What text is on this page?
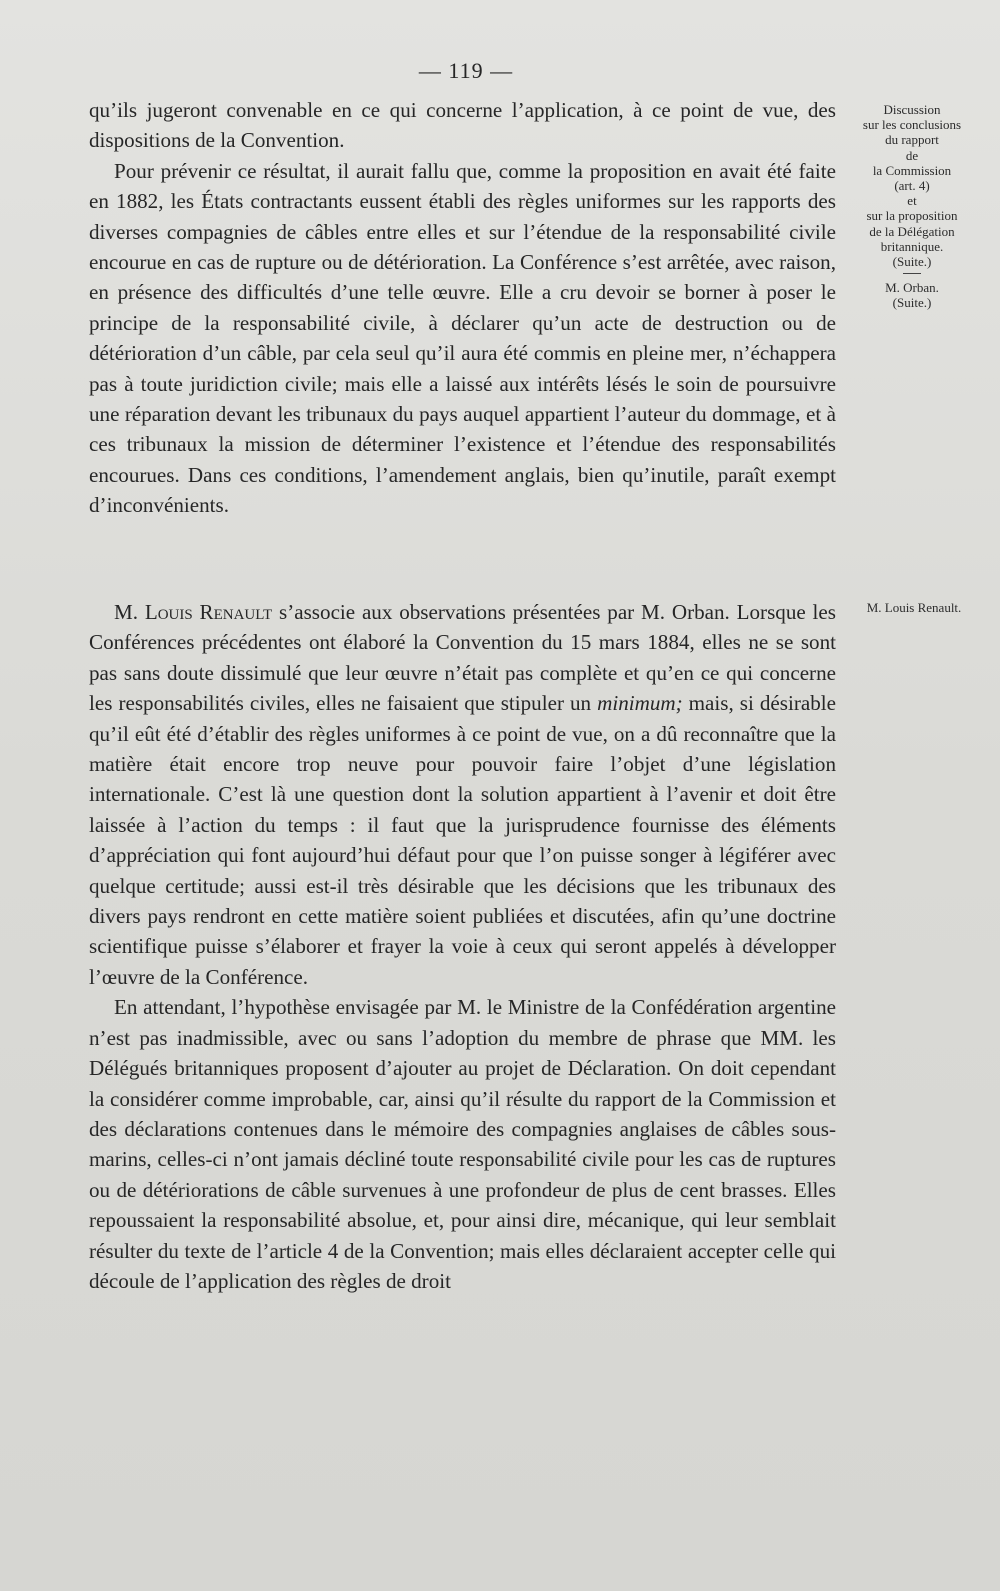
— 119 —

qu’ils jugeront convenable en ce qui concerne l’application, à ce point de vue, des dispositions de la Convention.

Pour prévenir ce résultat, il aurait fallu que, comme la proposition en avait été faite en 1882, les États contractants eussent établi des règles uniformes sur les rapports des diverses compagnies de câbles entre elles et sur l’étendue de la responsabilité civile encourue en cas de rupture ou de détérioration. La Conférence s’est arrêtée, avec raison, en présence des difficultés d’une telle œuvre. Elle a cru devoir se borner à poser le principe de la responsabilité civile, à déclarer qu’un acte de destruction ou de détérioration d’un câble, par cela seul qu’il aura été commis en pleine mer, n’échappera pas à toute juridiction civile; mais elle a laissé aux intérêts lésés le soin de poursuivre une réparation devant les tribunaux du pays auquel appartient l’auteur du dommage, et à ces tribunaux la mission de déterminer l’existence et l’étendue des responsabilités encourues. Dans ces conditions, l’amendement anglais, bien qu’inutile, paraît exempt d’inconvénients.

M. Louis Renault s’associe aux observations présentées par M. Orban. Lorsque les Conférences précédentes ont élaboré la Convention du 15 mars 1884, elles ne se sont pas sans doute dissimulé que leur œuvre n’était pas complète et qu’en ce qui concerne les responsabilités civiles, elles ne faisaient que stipuler un minimum; mais, si désirable qu’il eût été d’établir des règles uniformes à ce point de vue, on a dû reconnaître que la matière était encore trop neuve pour pouvoir faire l’objet d’une législation internationale. C’est là une question dont la solution appartient à l’avenir et doit être laissée à l’action du temps : il faut que la jurisprudence fournisse des éléments d’appréciation qui font aujourd’hui défaut pour que l’on puisse songer à légiférer avec quelque certitude; aussi est-il très désirable que les décisions que les tribunaux des divers pays rendront en cette matière soient publiées et discutées, afin qu’une doctrine scientifique puisse s’élaborer et frayer la voie à ceux qui seront appelés à développer l’œuvre de la Conférence.

En attendant, l’hypothèse envisagée par M. le Ministre de la Confédération argentine n’est pas inadmissible, avec ou sans l’adoption du membre de phrase que MM. les Délégués britanniques proposent d’ajouter au projet de Déclaration. On doit cependant la considérer comme improbable, car, ainsi qu’il résulte du rapport de la Commission et des déclarations contenues dans le mémoire des compagnies anglaises de câbles sous-marins, celles-ci n’ont jamais décliné toute responsabilité civile pour les cas de ruptures ou de détériorations de câble survenues à une profondeur de plus de cent brasses. Elles repoussaient la responsabilité absolue, et, pour ainsi dire, mécanique, qui leur semblait résulter du texte de l’article 4 de la Convention; mais elles déclaraient accepter celle qui découle de l’application des règles de droit

Discussion
sur les conclusions
du rapport
de
la Commission
(art. 4)
et
sur la proposition
de la Délégation
britannique.
(Suite.)
M. Orban.
(Suite.)
M. Louis Renault.
